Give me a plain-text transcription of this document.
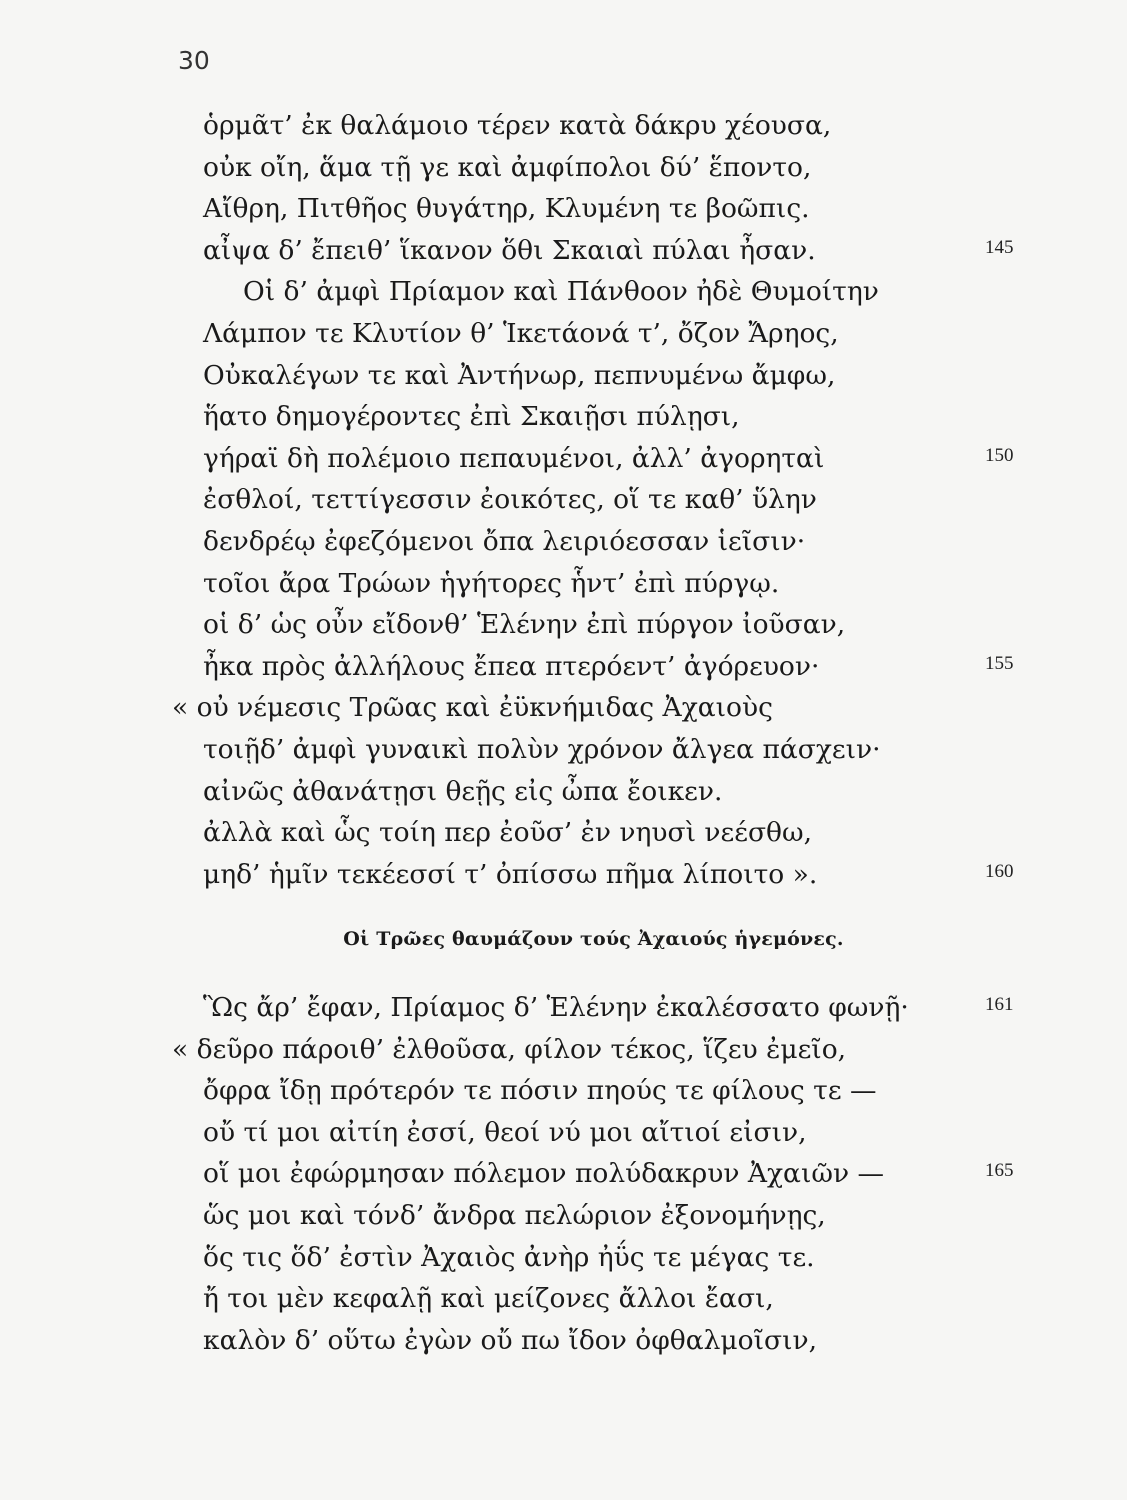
30
ὁρμᾶτ’ ἐκ θαλάμοιο τέρεν κατὰ δάκρυ χέουσα,
οὐκ οἴη, ἅμα τῇ γε καὶ ἀμφίπολοι δύ’ ἕποντο,
Αἴθρη, Πιτθῆος θυγάτηρ, Κλυμένη τε βοῶπις.
αἶψα δ’ ἔπειθ’ ἵκανον ὅθι Σκαιαὶ πύλαι ἦσαν.	145
Οἱ δ’ ἀμφὶ Πρίαμον καὶ Πάνθοον ἠδὲ Θυμοίτην
Λάμπον τε Κλυτίον θ’ Ἱκετάονά τ’, ὄζον Ἄρηος,
Οὐκαλέγων τε καὶ Ἀντήνωρ, πεπνυμένω ἄμφω,
ἥατο δημογέροντες ἐπὶ Σκαιῇσι πύλῃσι,
γήραϊ δὴ πολέμοιο πεπαυμένοι, ἀλλ’ ἀγορηταὶ	150
ἐσθλοί, τεττίγεσσιν ἐοικότες, οἵ τε καθ’ ὕλην
δενδρέῳ ἐφεζόμενοι ὄπα λειριόεσσαν ἱεῖσιν·
τοῖοι ἄρα Τρώων ἡγήτορες ἧντ’ ἐπὶ πύργῳ.
οἱ δ’ ὡς οὖν εἴδονθ’ Ἑλένην ἐπὶ πύργον ἰοῦσαν,
ἦκα πρὸς ἀλλήλους ἔπεα πτερόεντ’ ἀγόρευον·	155
« οὐ νέμεσις Τρῶας καὶ ἐϋκνήμιδας Ἀχαιοὺς
τοιῇδ’ ἀμφὶ γυναικὶ πολὺν χρόνον ἄλγεα πάσχειν·
αἰνῶς ἀθανάτῃσι θεῇς εἰς ὦπα ἔοικεν.
ἀλλὰ καὶ ὧς τοίη περ ἐοῦσ’ ἐν νηυσὶ νεέσθω,
μηδ’ ἡμῖν τεκέεσσί τ’ ὀπίσσω πῆμα λίποιτο ».	160
Οἱ Τρῶες θαυμάζουν τούς Ἀχαιούς ἡγεμόνες.
Ὣς ἄρ’ ἔφαν, Πρίαμος δ’ Ἑλένην ἐκαλέσσατο φωνῇ·	161
« δεῦρο πάροιθ’ ἐλθοῦσα, φίλον τέκος, ἵζευ ἐμεῖο,
ὄφρα ἴδῃ πρότερόν τε πόσιν πηούς τε φίλους τε —
οὔ τί μοι αἰτίη ἐσσί, θεοί νύ μοι αἴτιοί εἰσιν,
οἵ μοι ἐφώρμησαν πόλεμον πολύδακρυν Ἀχαιῶν —	165
ὥς μοι καὶ τόνδ’ ἄνδρα πελώριον ἐξονομήνῃς,
ὅς τις ὅδ’ ἐστὶν Ἀχαιὸς ἀνὴρ ἠΰς τε μέγας τε.
ἤ τοι μὲν κεφαλῇ καὶ μείζονες ἄλλοι ἔασι,
καλὸν δ’ οὕτω ἐγὼν οὔ πω ἴδον ὀφθαλμοῖσιν,
